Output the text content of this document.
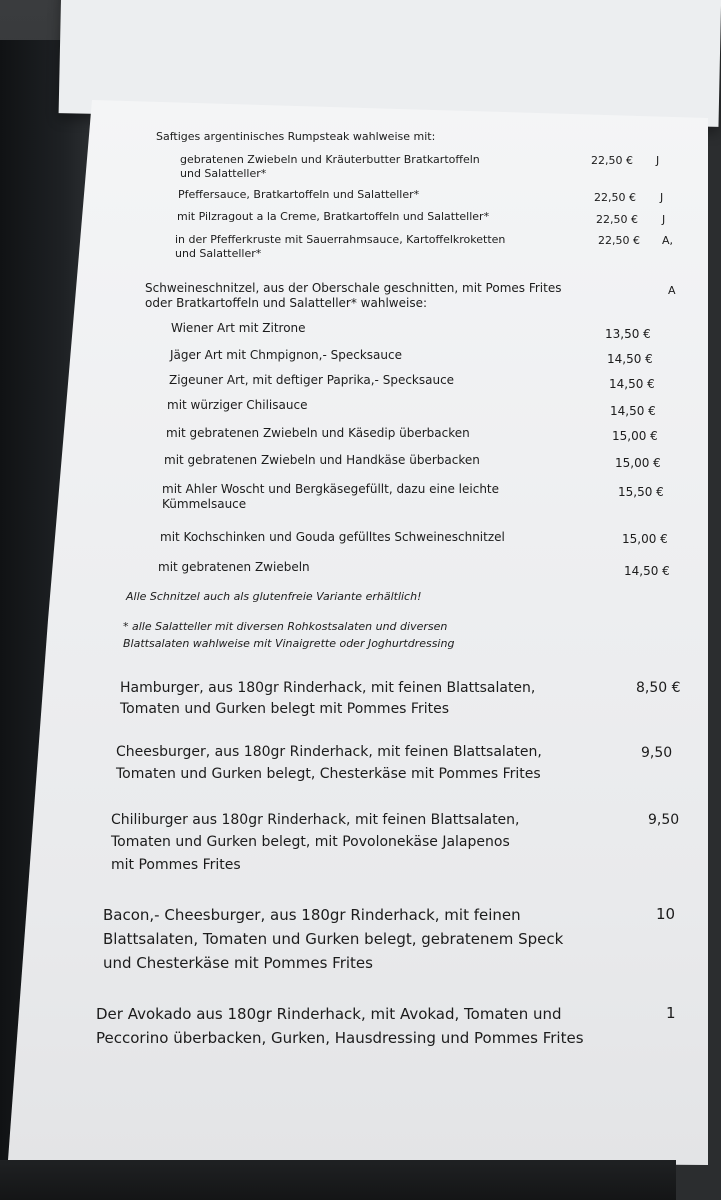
Saftiges argentinisches Rumpsteak wahlweise mit:
gebratenen Zwiebeln und Kräuterbutter Bratkartoffeln
und Salatteller*
22,50 € J
Pfeffersauce, Bratkartoffeln und Salatteller*	22,50 € J
mit Pilzragout a la Creme, Bratkartoffeln und Salatteller*	22,50 € J
in der Pfefferkruste mit Sauerrahmsauce, Kartoffelkroketten
und Salatteller*
22,50 € A,
Schweineschnitzel, aus der Oberschale geschnitten, mit Pomes Frites
oder Bratkartoffeln und Salatteller* wahlweise:
A
Wiener Art mit Zitrone	13,50 €
Jäger Art mit Chmpignon,- Specksauce	14,50 €
Zigeuner Art, mit deftiger Paprika,- Specksauce	14,50 €
mit würziger Chilisauce	14,50 €
mit gebratenen Zwiebeln und Käsedip überbacken	15,00 €
mit gebratenen Zwiebeln und Handkäse überbacken	15,00 €
mit Ahler Woscht und Bergkäsegefüllt, dazu eine leichte
Kümmelsauce
15,50 €
mit Kochschinken und Gouda gefülltes Schweineschnitzel	15,00 €
mit gebratenen Zwiebeln	14,50 €
Alle Schnitzel auch als glutenfreie Variante erhältlich!
* alle Salatteller mit diversen Rohkostsalaten und diversen
Blattsalaten wahlweise mit Vinaigrette oder Joghurtdressing
Hamburger, aus 180gr Rinderhack, mit feinen Blattsalaten,
Tomaten und Gurken belegt mit Pommes Frites
8,50 €
Cheesburger, aus 180gr Rinderhack, mit feinen Blattsalaten,
Tomaten und Gurken belegt, Chesterkäse mit Pommes Frites
9,50
Chiliburger aus 180gr Rinderhack, mit feinen Blattsalaten,
Tomaten und Gurken belegt, mit Povolonekäse Jalapenos
mit Pommes Frites
9,50
Bacon,- Cheesburger, aus 180gr Rinderhack, mit feinen
Blattsalaten, Tomaten und Gurken belegt, gebratenem Speck
und Chesterkäse mit Pommes Frites
10
Der Avokado aus 180gr Rinderhack, mit Avokad, Tomaten und
Peccorino überbacken, Gurken, Hausdressing und Pommes Frites
1
